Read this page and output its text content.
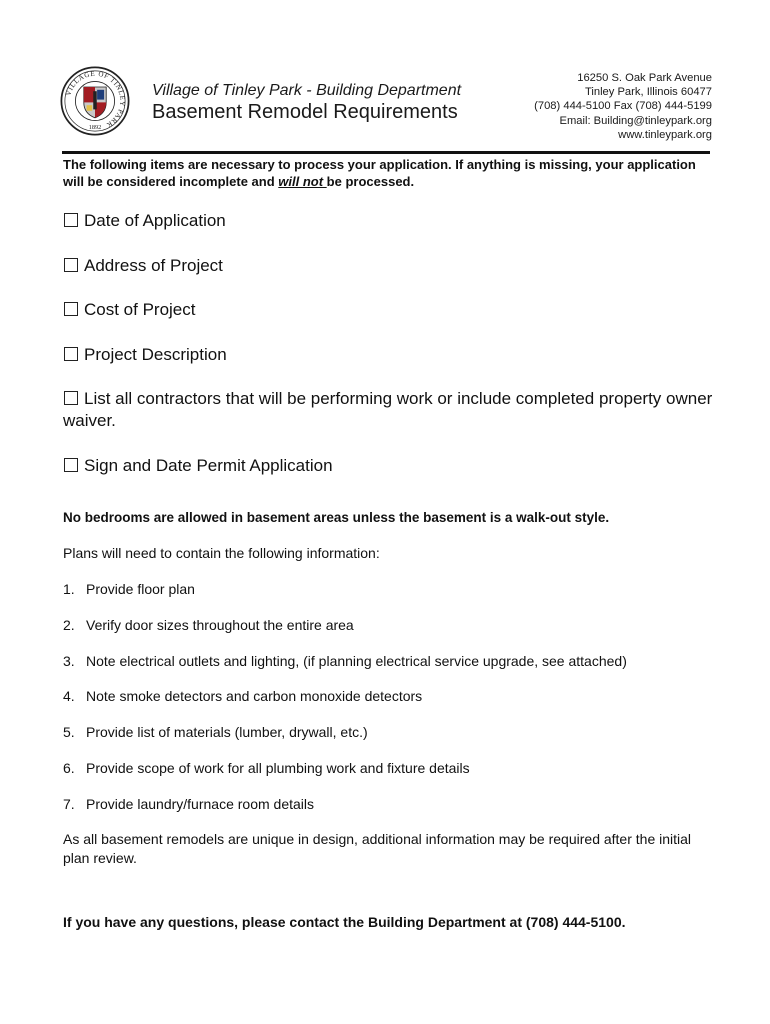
VILLAGE OF TINLEY PARK
1892
Village of Tinley Park - Building Department
Basement Remodel Requirements
16250 S. Oak Park Avenue
Tinley Park, Illinois 60477
(708) 444-5100 Fax (708) 444-5199
Email: Building@tinleypark.org
www.tinleypark.org
The following items are necessary to process your application. If anything is missing, your application will be considered incomplete and will not be processed.
Date of Application
Address of Project
Cost of Project
Project Description
List all contractors that will be performing work or include completed property owner waiver.
Sign and Date Permit Application
No bedrooms are allowed in basement areas unless the basement is a walk-out style.
Plans will need to contain the following information:
1. Provide floor plan
2. Verify door sizes throughout the entire area
3. Note electrical outlets and lighting, (if planning electrical service upgrade, see attached)
4. Note smoke detectors and carbon monoxide detectors
5. Provide list of materials (lumber, drywall, etc.)
6. Provide scope of work for all plumbing work and fixture details
7. Provide laundry/furnace room details
As all basement remodels are unique in design, additional information may be required after the initial plan review.
If you have any questions, please contact the Building Department at (708) 444-5100.
